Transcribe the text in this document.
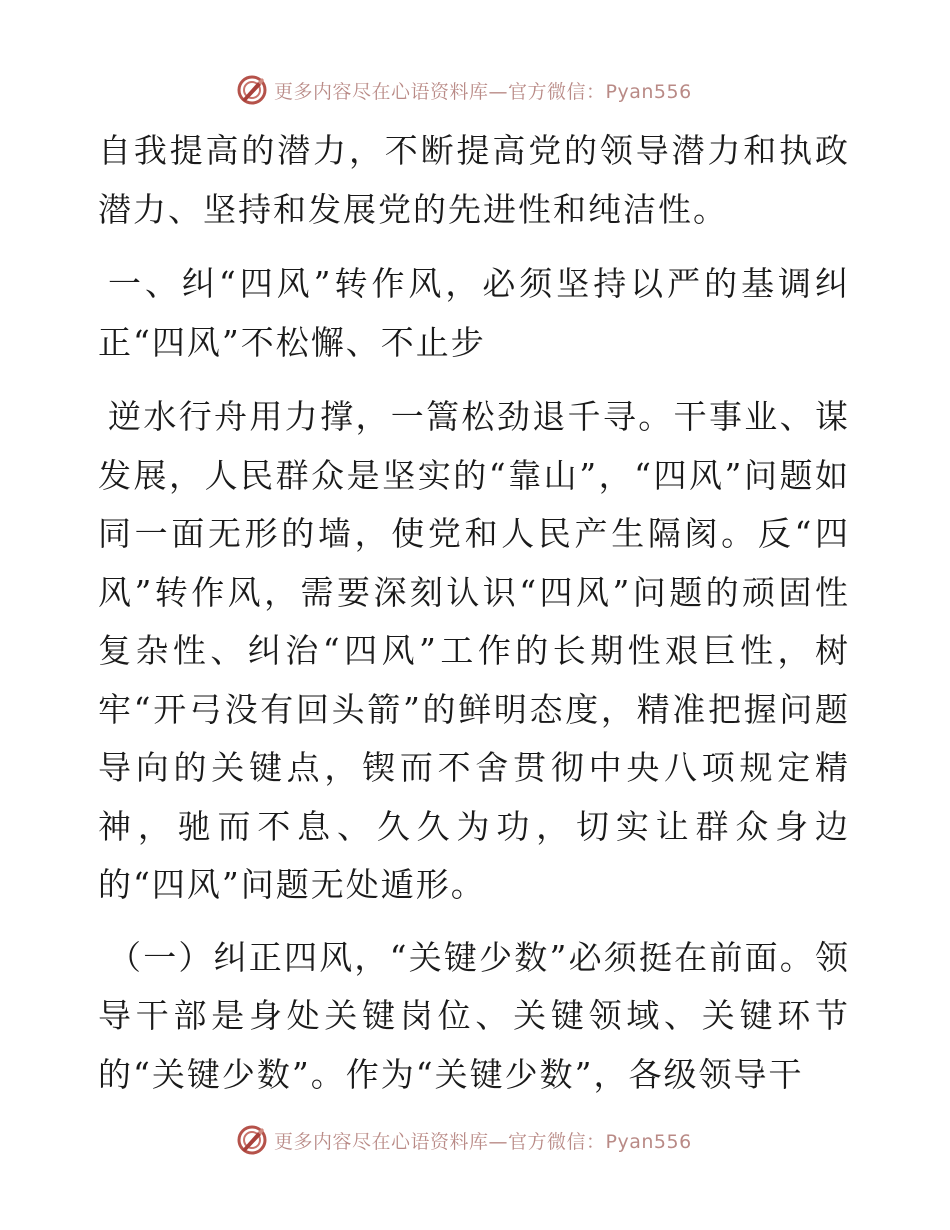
更多内容尽在心语资料库—官方微信：Pyan556

自我提高的潜力，不断提高党的领导潜力和执政潜力、坚持和发展党的先进性和纯洁性。

一、纠“四风”转作风，必须坚持以严的基调纠正“四风”不松懈、不止步

逆水行舟用力撑，一篙松劲退千寻。干事业、谋发展，人民群众是坚实的“靠山”，“四风”问题如同一面无形的墙，使党和人民产生隔阂。反“四风”转作风，需要深刻认识“四风”问题的顽固性复杂性、纠治“四风”工作的长期性艰巨性，树牢“开弓没有回头箭”的鲜明态度，精准把握问题导向的关键点，锲而不舍贯彻中央八项规定精神，驰而不息、久久为功，切实让群众身边的“四风”问题无处遁形。

（一）纠正四风，“关键少数”必须挺在前面。领导干部是身处关键岗位、关键领域、关键环节的“关键少数”。作为“关键少数”，各级领导干

更多内容尽在心语资料库—官方微信：Pyan556
